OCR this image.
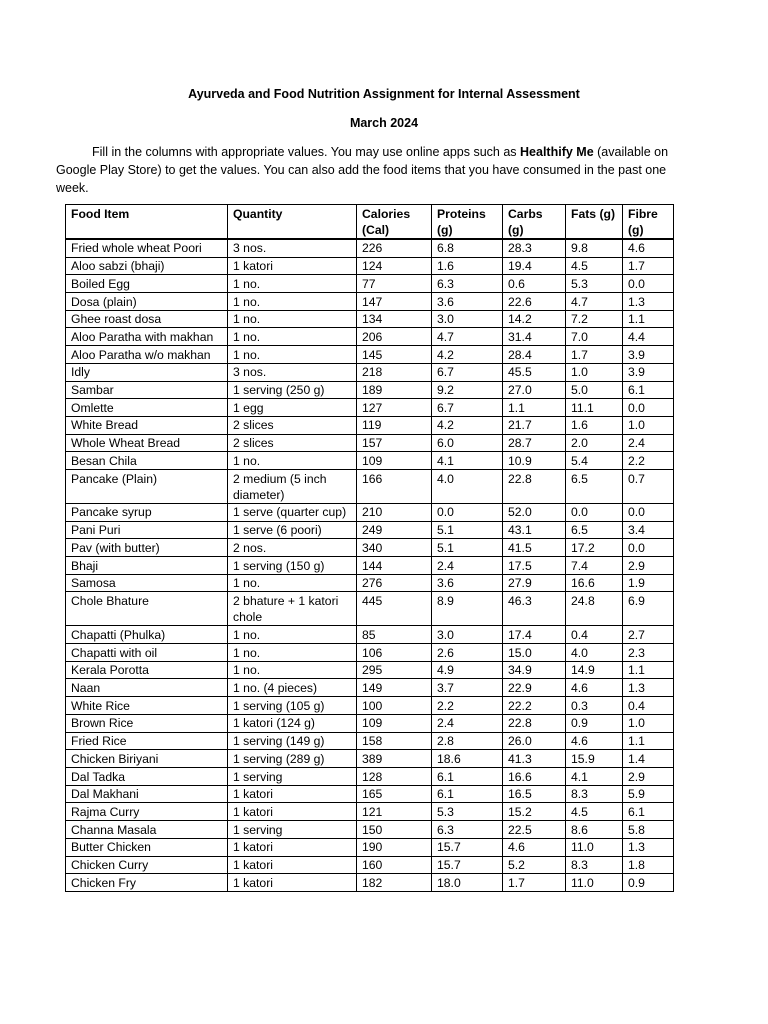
Ayurveda and Food Nutrition Assignment for Internal Assessment
March 2024
Fill in the columns with appropriate values. You may use online apps such as Healthify Me (available on Google Play Store) to get the values. You can also add the food items that you have consumed in the past one week.
Food Item	Quantity	Calories (Cal)	Proteins (g)	Carbs (g)	Fats (g)	Fibre (g)
Fried whole wheat Poori	3 nos.	226	6.8	28.3	9.8	4.6
Aloo sabzi (bhaji)	1 katori	124	1.6	19.4	4.5	1.7
Boiled Egg	1 no.	77	6.3	0.6	5.3	0.0
Dosa (plain)	1 no.	147	3.6	22.6	4.7	1.3
Ghee roast dosa	1 no.	134	3.0	14.2	7.2	1.1
Aloo Paratha with makhan	1 no.	206	4.7	31.4	7.0	4.4
Aloo Paratha w/o makhan	1 no.	145	4.2	28.4	1.7	3.9
Idly	3 nos.	218	6.7	45.5	1.0	3.9
Sambar	1 serving (250 g)	189	9.2	27.0	5.0	6.1
Omlette	1 egg	127	6.7	1.1	11.1	0.0
White Bread	2 slices	119	4.2	21.7	1.6	1.0
Whole Wheat Bread	2 slices	157	6.0	28.7	2.0	2.4
Besan Chila	1 no.	109	4.1	10.9	5.4	2.2
Pancake (Plain)	2 medium (5 inch diameter)	166	4.0	22.8	6.5	0.7
Pancake syrup	1 serve (quarter cup)	210	0.0	52.0	0.0	0.0
Pani Puri	1 serve (6 poori)	249	5.1	43.1	6.5	3.4
Pav (with butter)	2 nos.	340	5.1	41.5	17.2	0.0
Bhaji	1 serving (150 g)	144	2.4	17.5	7.4	2.9
Samosa	1 no.	276	3.6	27.9	16.6	1.9
Chole Bhature	2 bhature + 1 katori chole	445	8.9	46.3	24.8	6.9
Chapatti (Phulka)	1 no.	85	3.0	17.4	0.4	2.7
Chapatti with oil	1 no.	106	2.6	15.0	4.0	2.3
Kerala Porotta	1 no.	295	4.9	34.9	14.9	1.1
Naan	1 no. (4 pieces)	149	3.7	22.9	4.6	1.3
White Rice	1 serving (105 g)	100	2.2	22.2	0.3	0.4
Brown Rice	1 katori (124 g)	109	2.4	22.8	0.9	1.0
Fried Rice	1 serving (149 g)	158	2.8	26.0	4.6	1.1
Chicken Biriyani	1 serving (289 g)	389	18.6	41.3	15.9	1.4
Dal Tadka	1 serving	128	6.1	16.6	4.1	2.9
Dal Makhani	1 katori	165	6.1	16.5	8.3	5.9
Rajma Curry	1 katori	121	5.3	15.2	4.5	6.1
Channa Masala	1 serving	150	6.3	22.5	8.6	5.8
Butter Chicken	1 katori	190	15.7	4.6	11.0	1.3
Chicken Curry	1 katori	160	15.7	5.2	8.3	1.8
Chicken Fry	1 katori	182	18.0	1.7	11.0	0.9
